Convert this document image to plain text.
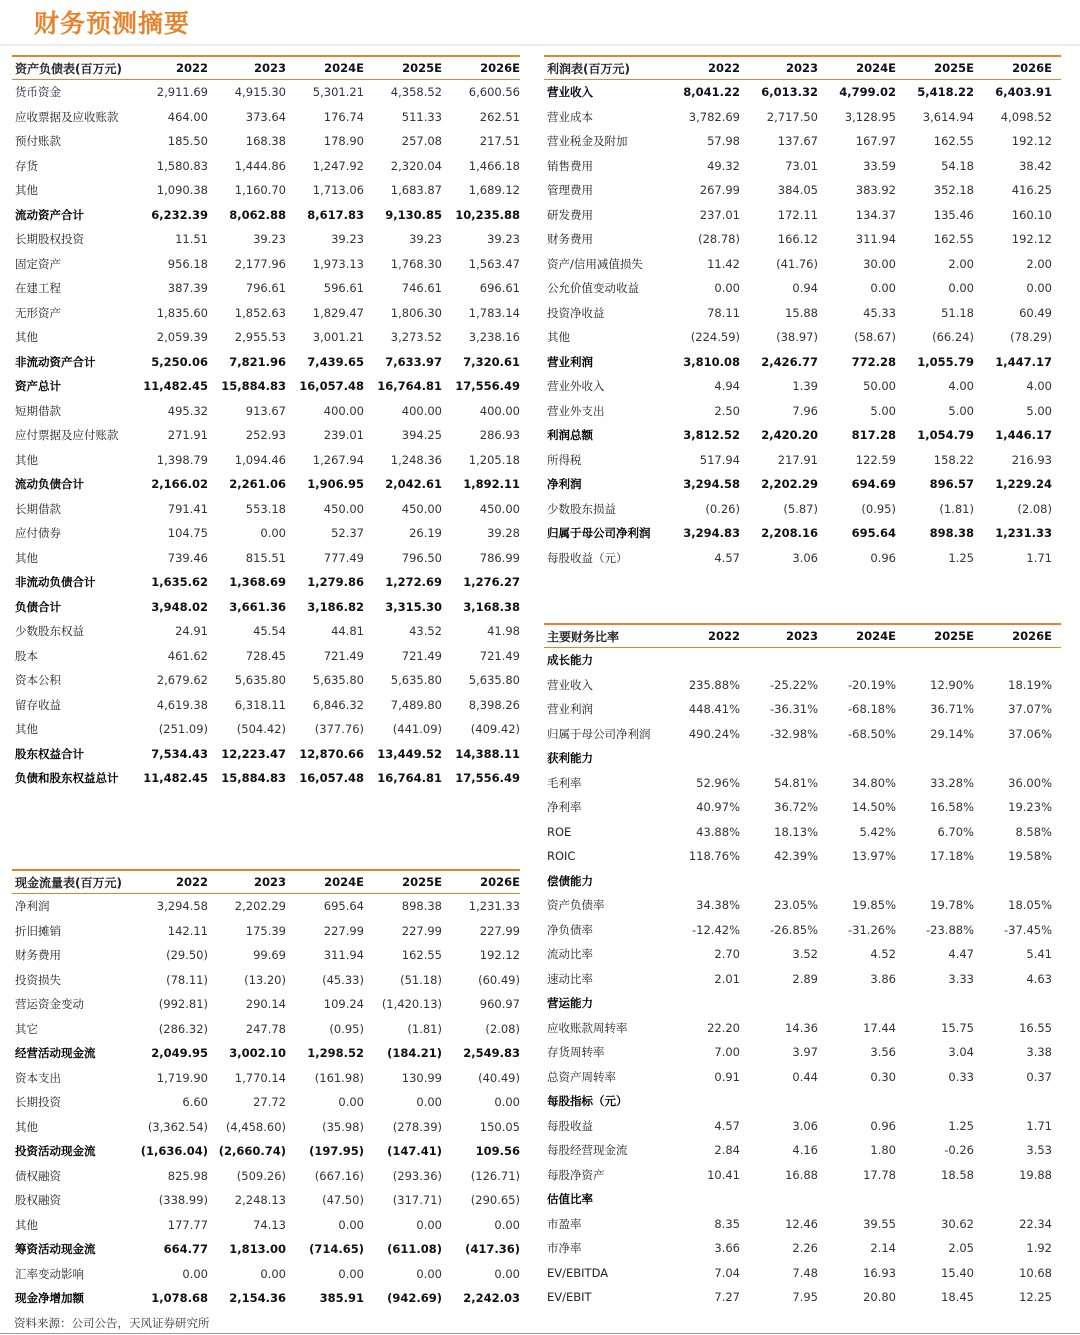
财务预测摘要
资产负债表(百万元)	2022	2023	2024E	2025E	2026E
货币资金	2,911.69	4,915.30	5,301.21	4,358.52	6,600.56
应收票据及应收账款	464.00	373.64	176.74	511.33	262.51
预付账款	185.50	168.38	178.90	257.08	217.51
存货	1,580.83	1,444.86	1,247.92	2,320.04	1,466.18
其他	1,090.38	1,160.70	1,713.06	1,683.87	1,689.12
流动资产合计	6,232.39	8,062.88	8,617.83	9,130.85	10,235.88
长期股权投资	11.51	39.23	39.23	39.23	39.23
固定资产	956.18	2,177.96	1,973.13	1,768.30	1,563.47
在建工程	387.39	796.61	596.61	746.61	696.61
无形资产	1,835.60	1,852.63	1,829.47	1,806.30	1,783.14
其他	2,059.39	2,955.53	3,001.21	3,273.52	3,238.16
非流动资产合计	5,250.06	7,821.96	7,439.65	7,633.97	7,320.61
资产总计	11,482.45	15,884.83	16,057.48	16,764.81	17,556.49
短期借款	495.32	913.67	400.00	400.00	400.00
应付票据及应付账款	271.91	252.93	239.01	394.25	286.93
其他	1,398.79	1,094.46	1,267.94	1,248.36	1,205.18
流动负债合计	2,166.02	2,261.06	1,906.95	2,042.61	1,892.11
长期借款	791.41	553.18	450.00	450.00	450.00
应付债券	104.75	0.00	52.37	26.19	39.28
其他	739.46	815.51	777.49	796.50	786.99
非流动负债合计	1,635.62	1,368.69	1,279.86	1,272.69	1,276.27
负债合计	3,948.02	3,661.36	3,186.82	3,315.30	3,168.38
少数股东权益	24.91	45.54	44.81	43.52	41.98
股本	461.62	728.45	721.49	721.49	721.49
资本公积	2,679.62	5,635.80	5,635.80	5,635.80	5,635.80
留存收益	4,619.38	6,318.11	6,846.32	7,489.80	8,398.26
其他	(251.09)	(504.42)	(377.76)	(441.09)	(409.42)
股东权益合计	7,534.43	12,223.47	12,870.66	13,449.52	14,388.11
负债和股东权益总计	11,482.45	15,884.83	16,057.48	16,764.81	17,556.49
利润表(百万元)	2022	2023	2024E	2025E	2026E
营业收入	8,041.22	6,013.32	4,799.02	5,418.22	6,403.91
营业成本	3,782.69	2,717.50	3,128.95	3,614.94	4,098.52
营业税金及附加	57.98	137.67	167.97	162.55	192.12
销售费用	49.32	73.01	33.59	54.18	38.42
管理费用	267.99	384.05	383.92	352.18	416.25
研发费用	237.01	172.11	134.37	135.46	160.10
财务费用	(28.78)	166.12	311.94	162.55	192.12
资产/信用减值损失	11.42	(41.76)	30.00	2.00	2.00
公允价值变动收益	0.00	0.94	0.00	0.00	0.00
投资净收益	78.11	15.88	45.33	51.18	60.49
其他	(224.59)	(38.97)	(58.67)	(66.24)	(78.29)
营业利润	3,810.08	2,426.77	772.28	1,055.79	1,447.17
营业外收入	4.94	1.39	50.00	4.00	4.00
营业外支出	2.50	7.96	5.00	5.00	5.00
利润总额	3,812.52	2,420.20	817.28	1,054.79	1,446.17
所得税	517.94	217.91	122.59	158.22	216.93
净利润	3,294.58	2,202.29	694.69	896.57	1,229.24
少数股东损益	(0.26)	(5.87)	(0.95)	(1.81)	(2.08)
归属于母公司净利润	3,294.83	2,208.16	695.64	898.38	1,231.33
每股收益（元）	4.57	3.06	0.96	1.25	1.71
主要财务比率	2022	2023	2024E	2025E	2026E
成长能力
营业收入	235.88%	-25.22%	-20.19%	12.90%	18.19%
营业利润	448.41%	-36.31%	-68.18%	36.71%	37.07%
归属于母公司净利润	490.24%	-32.98%	-68.50%	29.14%	37.06%
获利能力
毛利率	52.96%	54.81%	34.80%	33.28%	36.00%
净利率	40.97%	36.72%	14.50%	16.58%	19.23%
ROE	43.88%	18.13%	5.42%	6.70%	8.58%
ROIC	118.76%	42.39%	13.97%	17.18%	19.58%
偿债能力
资产负债率	34.38%	23.05%	19.85%	19.78%	18.05%
净负债率	-12.42%	-26.85%	-31.26%	-23.88%	-37.45%
流动比率	2.70	3.52	4.52	4.47	5.41
速动比率	2.01	2.89	3.86	3.33	4.63
营运能力
应收账款周转率	22.20	14.36	17.44	15.75	16.55
存货周转率	7.00	3.97	3.56	3.04	3.38
总资产周转率	0.91	0.44	0.30	0.33	0.37
每股指标（元）
每股收益	4.57	3.06	0.96	1.25	1.71
每股经营现金流	2.84	4.16	1.80	-0.26	3.53
每股净资产	10.41	16.88	17.78	18.58	19.88
估值比率
市盈率	8.35	12.46	39.55	30.62	22.34
市净率	3.66	2.26	2.14	2.05	1.92
EV/EBITDA	7.04	7.48	16.93	15.40	10.68
EV/EBIT	7.27	7.95	20.80	18.45	12.25
现金流量表(百万元)	2022	2023	2024E	2025E	2026E
净利润	3,294.58	2,202.29	695.64	898.38	1,231.33
折旧摊销	142.11	175.39	227.99	227.99	227.99
财务费用	(29.50)	99.69	311.94	162.55	192.12
投资损失	(78.11)	(13.20)	(45.33)	(51.18)	(60.49)
营运资金变动	(992.81)	290.14	109.24	(1,420.13)	960.97
其它	(286.32)	247.78	(0.95)	(1.81)	(2.08)
经营活动现金流	2,049.95	3,002.10	1,298.52	(184.21)	2,549.83
资本支出	1,719.90	1,770.14	(161.98)	130.99	(40.49)
长期投资	6.60	27.72	0.00	0.00	0.00
其他	(3,362.54)	(4,458.60)	(35.98)	(278.39)	150.05
投资活动现金流	(1,636.04) (2,660.74)	(197.95)	(147.41)	109.56
债权融资	825.98	(509.26)	(667.16)	(293.36)	(126.71)
股权融资	(338.99)	2,248.13	(47.50)	(317.71)	(290.65)
其他	177.77	74.13	0.00	0.00	0.00
筹资活动现金流	664.77	1,813.00	(714.65)	(611.08)	(417.36)
汇率变动影响	0.00	0.00	0.00	0.00	0.00
现金净增加额	1,078.68	2,154.36	385.91	(942.69)	2,242.03
资料来源：公司公告，天风证券研究所
